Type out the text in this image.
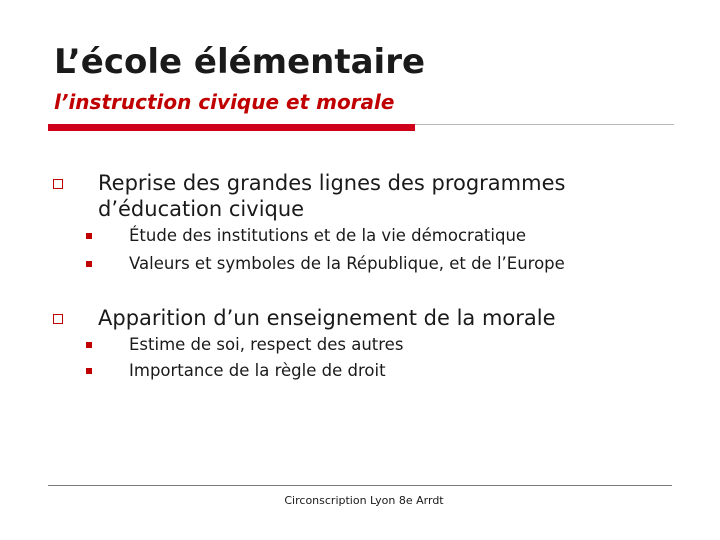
L’école élémentaire
l’instruction civique et morale
Reprise des grandes lignes des programmes d’éducation civique
Étude des institutions et de la vie démocratique
Valeurs et symboles de la République, et de l’Europe
Apparition d’un enseignement de la morale
Estime de soi, respect des autres
Importance de la règle de droit
Circonscription Lyon 8e Arrdt
